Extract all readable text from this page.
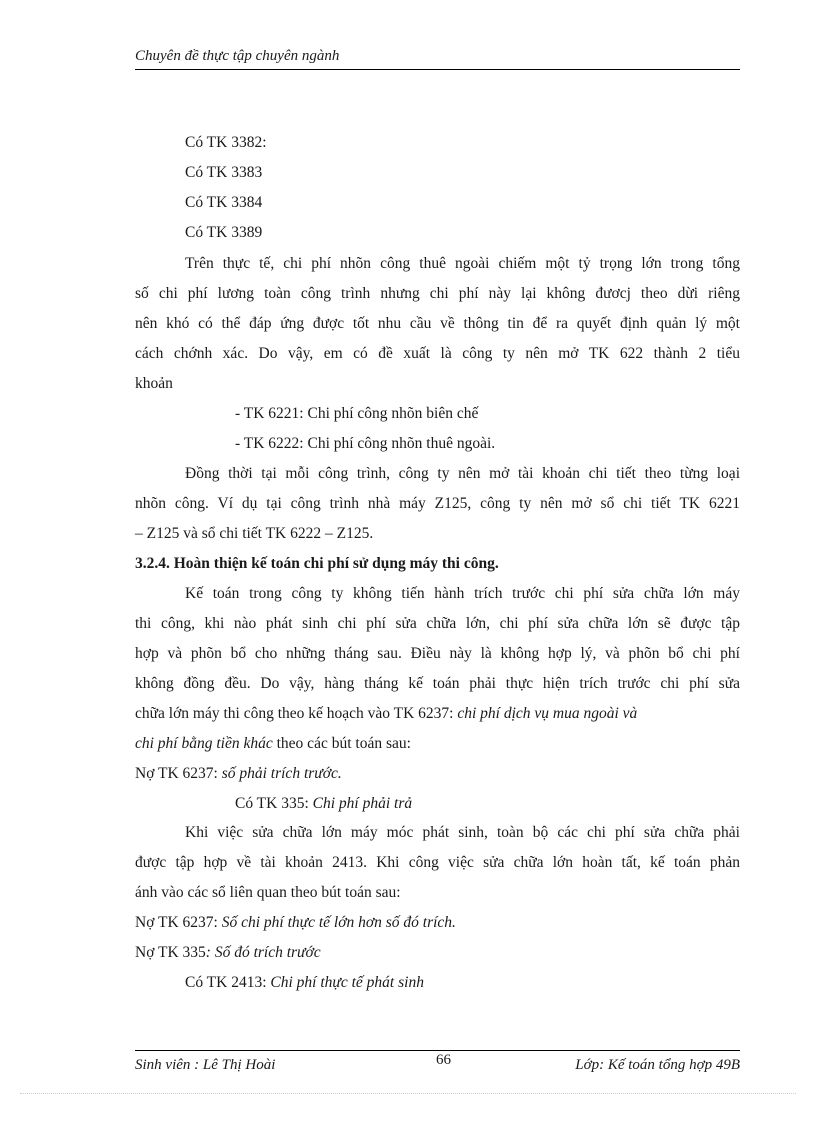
Chuyên đề thực tập chuyên ngành
Có TK 3382:
Có TK 3383
Có TK 3384
Có TK 3389
Trên thực tế, chi phí nhõn công thuê ngoài chiếm một tỷ trọng lớn trong tổng
số chi phí lương toàn công trình nhưng chi phí này lại không đươcj theo dừi riêng
nên khó có thể đáp ứng được tốt nhu cầu về thông tin để ra quyết định quản lý một
cách chớnh xác. Do vậy, em có đề xuất là công ty nên mở TK 622 thành 2 tiểu
khoản
- TK 6221: Chi phí công nhõn biên chế
- TK 6222: Chi phí công nhõn thuê ngoài.
Đồng thời tại mỗi công trình, công ty nên mở tài khoản chi tiết theo từng loại
nhõn công. Ví dụ tại công trình nhà máy Z125, công ty nên mở sổ chi tiết TK 6221
– Z125 và sổ chi tiết TK 6222 – Z125.
3.2.4. Hoàn thiện kế toán chi phí sử dụng máy thi công.
Kế toán trong công ty không tiến hành trích trước chi phí sửa chữa lớn máy
thi công, khi nào phát sinh chi phí sửa chữa lớn, chi phí sửa chữa lớn sẽ được tập
hợp và phõn bổ cho những tháng sau. Điều này là không hợp lý, và phõn bổ chi phí
không đồng đều. Do vậy, hàng tháng kế toán phải thực hiện trích trước chi phí sửa
chữa lớn máy thi công theo kế hoạch vào TK 6237: chi phí dịch vụ mua ngoài và
chi phí bằng tiền khác theo các bút toán sau:
Nợ TK 6237: số phải trích trước.
Có TK 335: Chi phí phải trả
Khi việc sửa chữa lớn máy móc phát sinh, toàn bộ các chi phí sửa chữa phải
được tập hợp về tài khoản 2413. Khi công việc sửa chữa lớn hoàn tất, kế toán phản
ánh vào các sổ liên quan theo bút toán sau:
Nợ TK 6237: Số chi phí thực tế lớn hơn số đó trích.
Nợ TK 335: Số đó trích trước
Có TK 2413: Chi phí thực tế phát sinh
Sinh viên : Lê Thị Hoài	66	Lớp: Kế toán tổng hợp 49B
